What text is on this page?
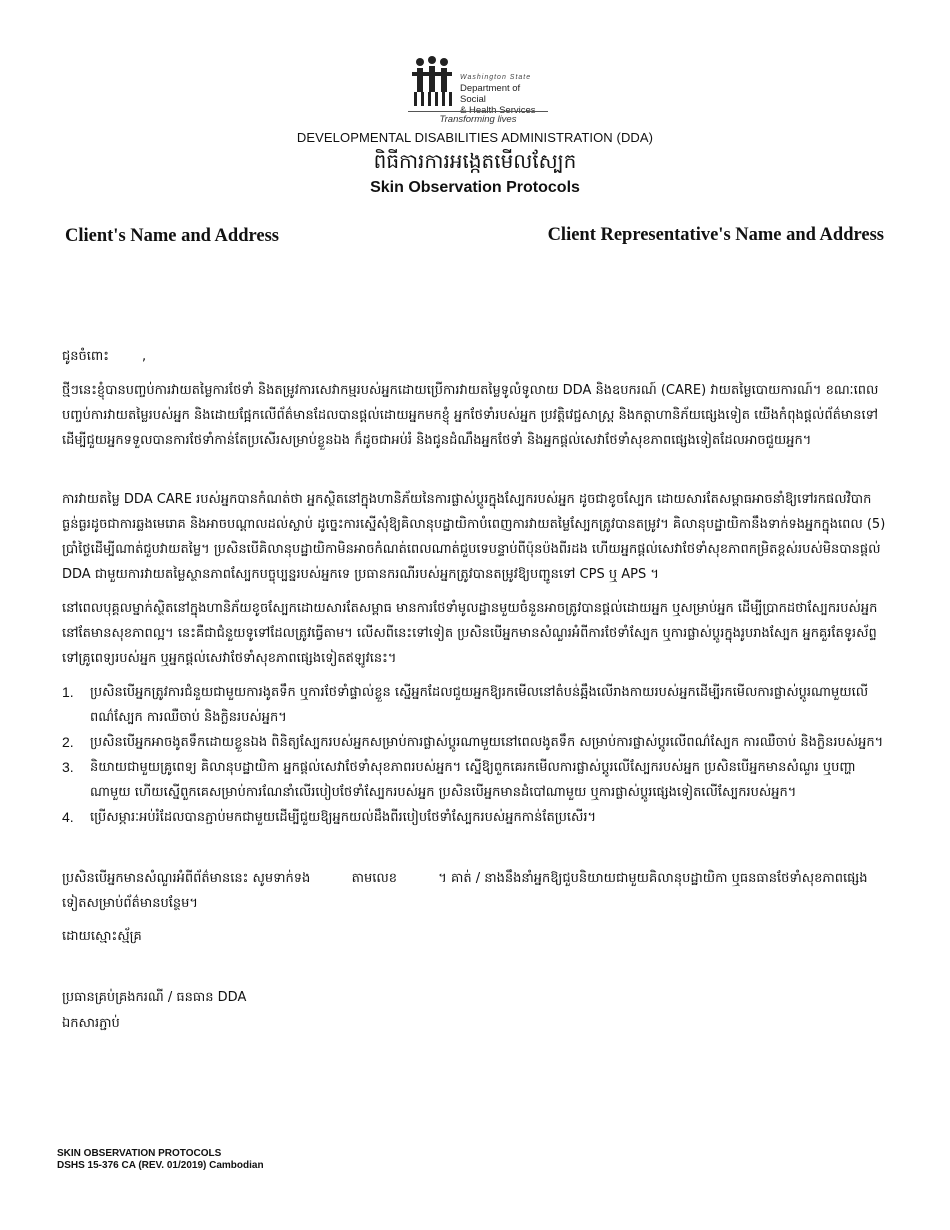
Washington State
Department of Social
Transforming lives
DEVELOPMENTAL DISABILITIES ADMINISTRATION (DDA)
ពិធីការការអង្កេតមើលស្បែក
Skin Observation Protocols
Client's Name and Address	Client Representative's Name and Address
ជូនចំពោះ        ,
ថ្មីៗនេះខ្ញុំបានបញ្ចប់ការវាយតម្លៃការថែទាំ និងតម្រូវការសេវាកម្មរបស់អ្នកដោយប្រើការវាយតម្លៃទូលំទូលាយ DDA និងឧបករណ៍ (CARE) វាយតម្លៃបោយការណ៍។ ខណៈពេលបញ្ចប់ការវាយតម្លៃរបស់អ្នក និងដោយផ្អែកលើព័ត៌មានដែលបានផ្តល់ដោយអ្នកមកខ្ញុំ អ្នកថែទាំរបស់អ្នក ប្រវត្តិវេជ្ជសាស្ត្រ និងកត្តាហានិភ័យផ្សេងទៀត យើងកំពុងផ្តល់ព័ត៌មានទៅដើម្បីជួយអ្នកទទួលបានការថែទាំកាន់តែប្រសើរសម្រាប់ខ្លួនឯង ក៏ដូចជាអប់រំ និងជូនដំណឹងអ្នកថែទាំ និងអ្នកផ្តល់សេវាថែទាំសុខភាពផ្សេងទៀតដែលអាចជួយអ្នក។
ការវាយតម្លៃ DDA CARE របស់អ្នកបានកំណត់ថា អ្នកស្ថិតនៅក្នុងហានិភ័យនៃការផ្លាស់ប្តូរក្នុងស្បែករបស់អ្នក ដូចជាខូចស្បែក ដោយសារតែសម្ពាធអាចនាំឱ្យទៅរកផលវិបាកធ្ងន់ធ្ងរដូចជាការឆ្លងមេរោគ និងអាចបណ្តាលដល់ស្លាប់ ដូច្នេះការស្នើសុំឱ្យគិលានុបដ្ឋាយិកាបំពេញការវាយតម្លៃស្បែកត្រូវបានតម្រូវ។ គិលានុបដ្ឋាយិកានឹងទាក់ទងអ្នកក្នុងពេល (5) ប្រាំថ្ងៃដើម្បីណាត់ជួបវាយតម្លៃ។ ប្រសិនបើគិលានុបដ្ឋាយិកាមិនអាចកំណត់ពេលណាត់ជួបទេបន្ទាប់ពីប៉ុនប៉ងពីរដង ហើយអ្នកផ្តល់សេវាថែទាំសុខភាពកម្រិតខ្ពស់របស់មិនបានផ្តល់ DDA ជាមួយការវាយតម្លៃស្ថានភាពស្បែកបច្ចុប្បន្នរបស់អ្នកទេ ប្រធានករណីរបស់អ្នកត្រូវបានតម្រូវឱ្យបញ្ជូនទៅ CPS ឬ APS ។
នៅពេលបុគ្គលម្នាក់ស្ថិតនៅក្នុងហានិភ័យខូចស្បែកដោយសារតែសម្ពាធ មានការថែទាំមូលដ្ឋានមួយចំនួនអាចត្រូវបានផ្តល់ដោយអ្នក ឬសម្រាប់អ្នក ដើម្បីប្រាកដថាស្បែករបស់អ្នកនៅតែមានសុខភាពល្អ។ នេះគឺជាជំនួយទូទៅដែលត្រូវធ្វើតាម។ លើសពីនេះទៅទៀត ប្រសិនបើអ្នកមានសំណួរអំពីការថែទាំស្បែក ឬការផ្លាស់ប្តូរក្នុងរូបរាងស្បែក អ្នកគួរតែទូរស័ព្ទទៅគ្រូពេទ្យរបស់អ្នក ឬអ្នកផ្តល់សេវាថែទាំសុខភាពផ្សេងទៀតឥឡូវនេះ។
1. ប្រសិនបើអ្នកត្រូវការជំនួយជាមួយការងូតទឹក ឬការថែទាំផ្ទាល់ខ្លួន ស្នើអ្នកដែលជួយអ្នកឱ្យរកមើលនៅតំបន់ឆ្អឹងលើរាងកាយរបស់អ្នកដើម្បីរកមើលការផ្លាស់ប្តូរណាមួយលើពណ៌ស្បែក ការឈឺចាប់ និងក្លិនរបស់អ្នក។
2. ប្រសិនបើអ្នកអាចងូតទឹកដោយខ្លួនឯង ពិនិត្យស្បែករបស់អ្នកសម្រាប់ការផ្លាស់ប្តូរណាមួយនៅពេលងូតទឹក សម្រាប់ការផ្លាស់ប្តូរលើពណ៌ស្បែក ការឈឺចាប់ និងក្លិនរបស់អ្នក។
3. និយាយជាមួយគ្រូពេទ្យ គិលានុបដ្ឋាយិកា អ្នកផ្តល់សេវាថែទាំសុខភាពរបស់អ្នក។ ស្នើឱ្យពួកគេរកមើលការផ្លាស់ប្តូរលើស្បែករបស់អ្នក ប្រសិនបើអ្នកមានសំណួរ ឬបញ្ហាណាមួយ ហើយស្នើពួកគេសម្រាប់ការណែនាំលើរបៀបថែទាំស្បែករបស់អ្នក ប្រសិនបើអ្នកមានដំបៅណាមួយ ឬការផ្លាស់ប្តូរផ្សេងទៀតលើស្បែករបស់អ្នក។
4. ប្រើសម្ភារៈអប់រំដែលបានភ្ជាប់មកជាមួយដើម្បីជួយឱ្យអ្នកយល់ដឹងពីរបៀបថែទាំស្បែករបស់អ្នកកាន់តែប្រសើរ។
ប្រសិនបើអ្នកមានសំណួរអំពីព័ត៌មាននេះ សូមទាក់ទង          តាមលេខ          ។ គាត់ / នាងនឹងនាំអ្នកឱ្យជួបនិយាយជាមួយគិលានុបដ្ឋាយិកា ឬធនធានថែទាំសុខភាពផ្សេងទៀតសម្រាប់ព័ត៌មានបន្ថែម។
ដោយស្មោះស្ម័គ្រ
ប្រធានគ្រប់គ្រងករណី / ធនធាន DDA
ឯកសារភ្ជាប់
SKIN OBSERVATION PROTOCOLS
DSHS 15-376 CA (REV. 01/2019) Cambodian
